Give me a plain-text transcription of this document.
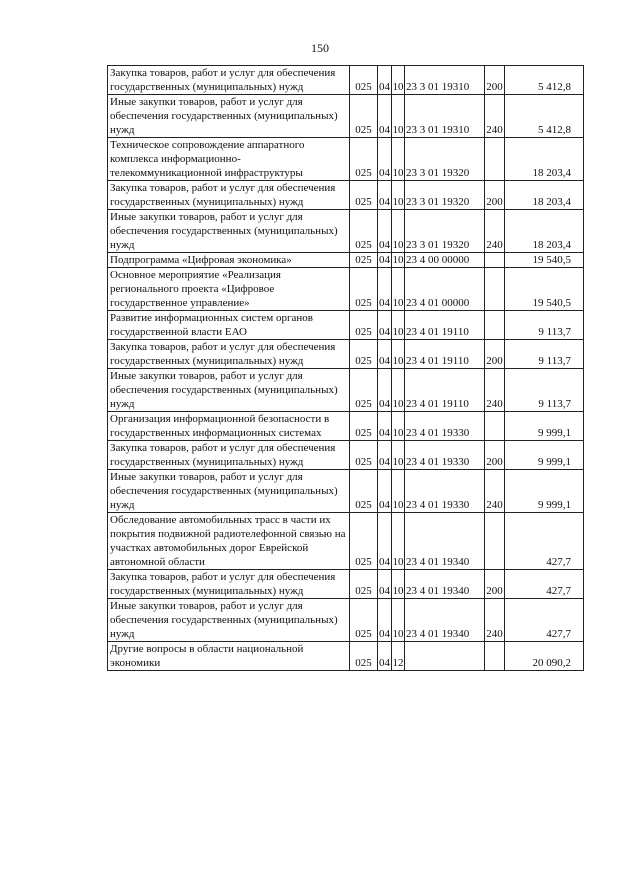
150
Закупка товаров, работ и услуг для обеспечения государственных (муниципальных) нужд	025	04	10	23 3 01 19310	200	5 412,8
Иные закупки товаров, работ и услуг для обеспечения государственных (муниципальных) нужд	025	04	10	23 3 01 19310	240	5 412,8
Техническое сопровождение аппаратного комплекса информационно-телекоммуникационной инфраструктуры	025	04	10	23 3 01 19320		18 203,4
Закупка товаров, работ и услуг для обеспечения государственных (муниципальных) нужд	025	04	10	23 3 01 19320	200	18 203,4
Иные закупки товаров, работ и услуг для обеспечения государственных (муниципальных) нужд	025	04	10	23 3 01 19320	240	18 203,4
Подпрограмма «Цифровая экономика»	025	04	10	23 4 00 00000		19 540,5
Основное мероприятие «Реализация регионального проекта «Цифровое государственное управление»	025	04	10	23 4 01 00000		19 540,5
Развитие информационных систем органов государственной власти ЕАО	025	04	10	23 4 01 19110		9 113,7
Закупка товаров, работ и услуг для обеспечения государственных (муниципальных) нужд	025	04	10	23 4 01 19110	200	9 113,7
Иные закупки товаров, работ и услуг для обеспечения государственных (муниципальных) нужд	025	04	10	23 4 01 19110	240	9 113,7
Организация информационной безопасности в государственных информационных системах	025	04	10	23 4 01 19330		9 999,1
Закупка товаров, работ и услуг для обеспечения государственных (муниципальных) нужд	025	04	10	23 4 01 19330	200	9 999,1
Иные закупки товаров, работ и услуг для обеспечения государственных (муниципальных) нужд	025	04	10	23 4 01 19330	240	9 999,1
Обследование автомобильных трасс в части их покрытия подвижной радиотелефонной связью на участках автомобильных дорог Еврейской автономной области	025	04	10	23 4 01 19340		427,7
Закупка товаров, работ и услуг для обеспечения государственных (муниципальных) нужд	025	04	10	23 4 01 19340	200	427,7
Иные закупки товаров, работ и услуг для обеспечения государственных (муниципальных) нужд	025	04	10	23 4 01 19340	240	427,7
Другие вопросы в области национальной экономики	025	04	12			20 090,2
